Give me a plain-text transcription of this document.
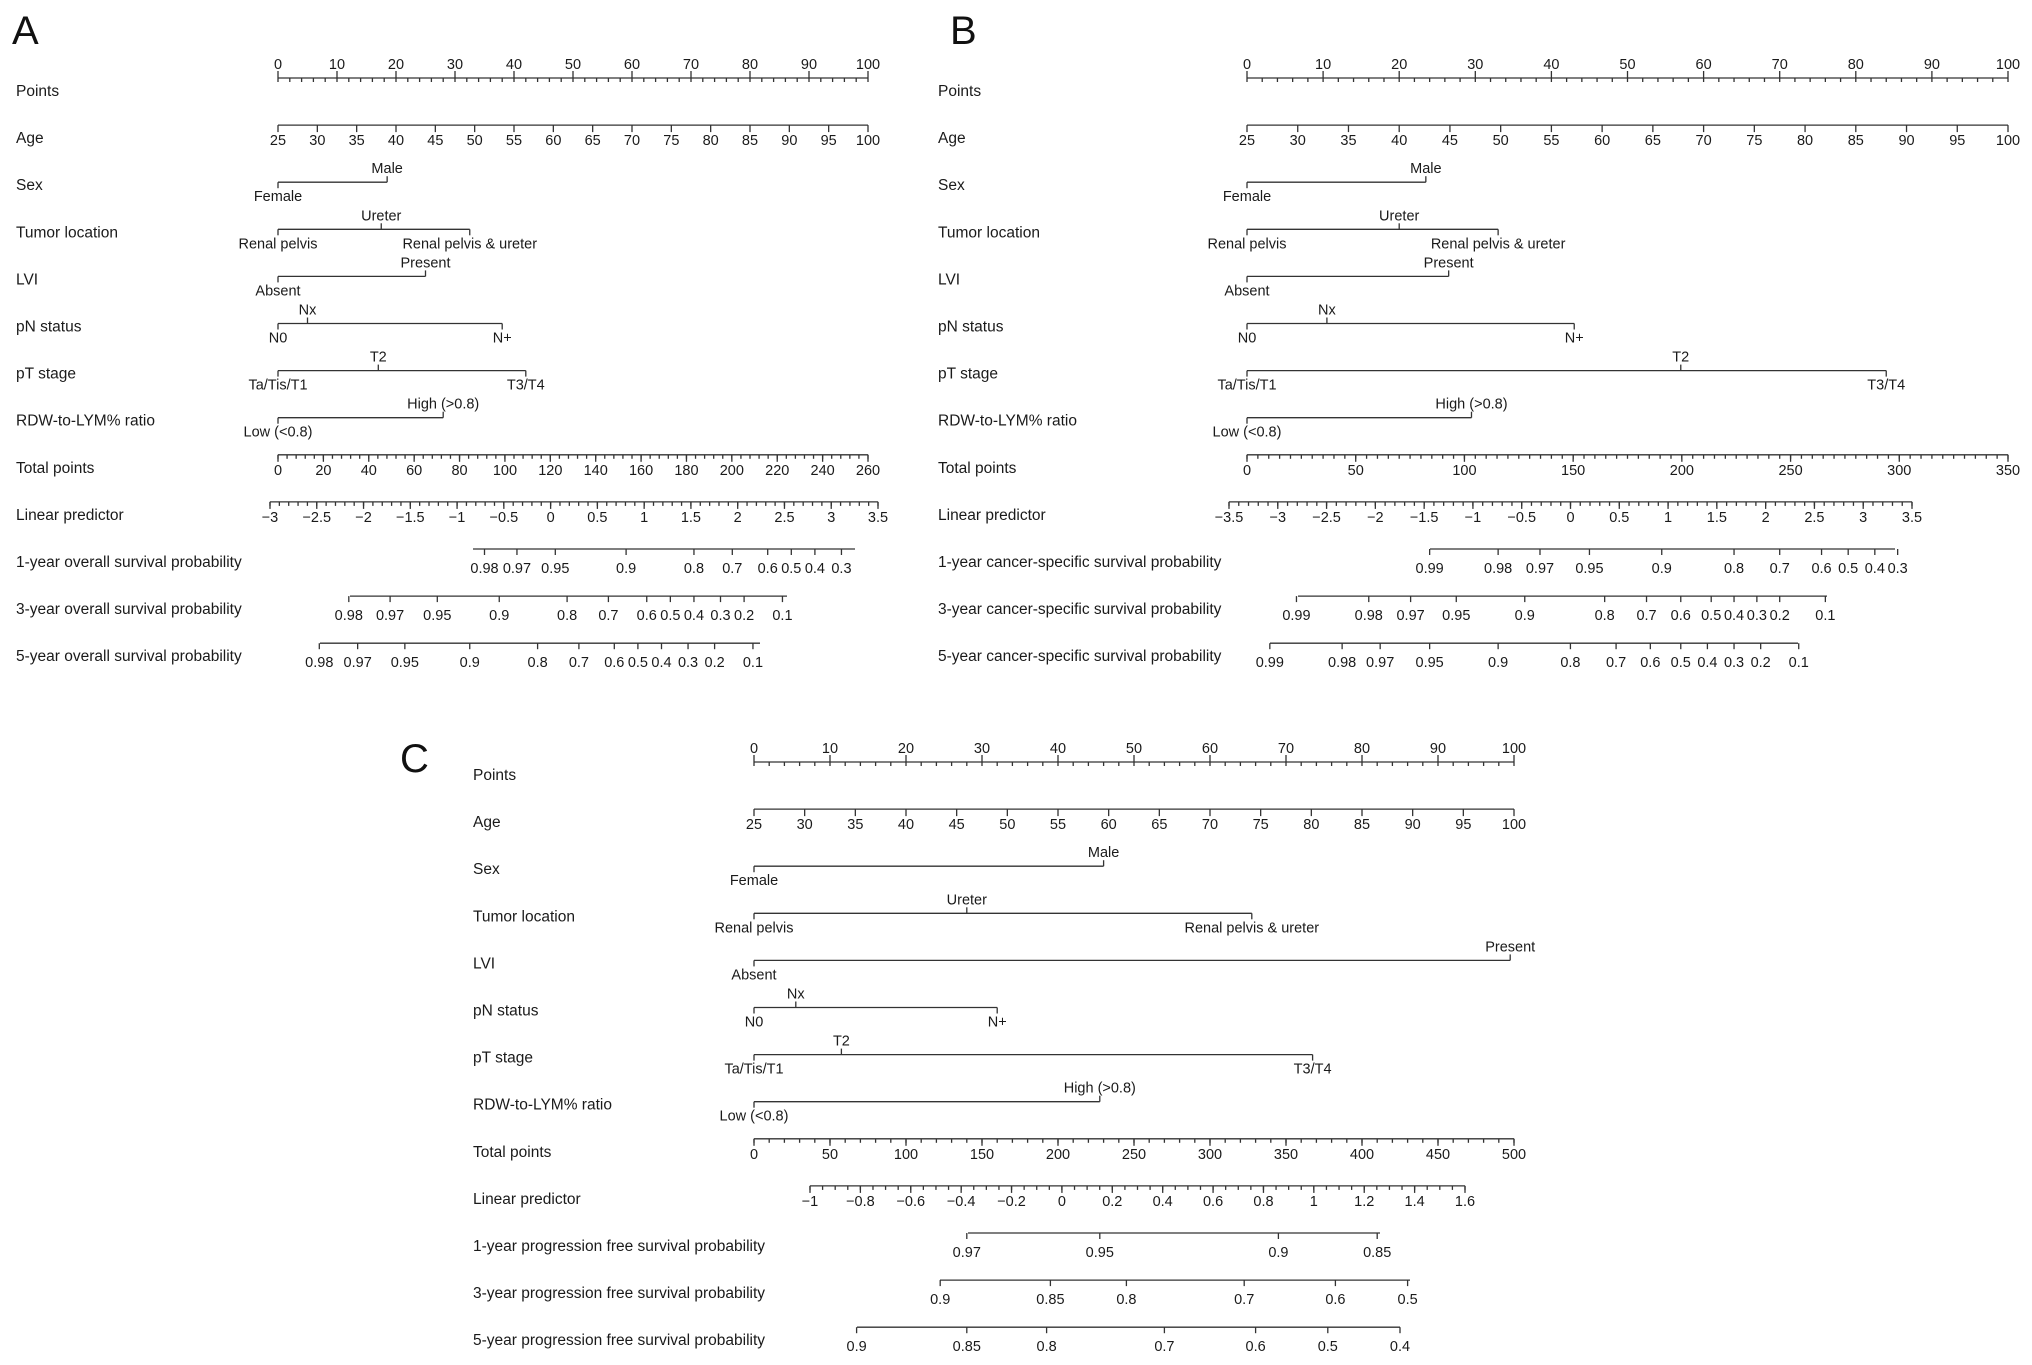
A
Points
0	10	20	30	40	50	60	70	80	90	100
Age	25 30 35 40 45 50 55 60 65 70 75 80 85 90 95 100
Sex
Female
Male
Tumor location
Renal pelvis
Ureter
Renal pelvis & ureter
LVI
Absent
Present
pN status
N0
Nx
N+
pT stage
Ta/Tis/T1
T2
T3/T4
RDW-to-LYM% ratio
Low (<0.8)
High (>0.8)
Total points	0 20 40 60 80 100 120 140 160 180 200 220 240 260
Linear predictor	−3 −2.5 −2 −1.5 −1 −0.5 0 0.5 1 1.5 2 2.5 3 3.5
1-year overall survival probability	0.98 0.97 0.95	0.9	0.8 0.7 0.6 0.5 0.4 0.3
3-year overall survival probability	0.98 0.97 0.95	0.9	0.8 0.7 0.6 0.5 0.4 0.3 0.2 0.1
5-year overall survival probability	0.98 0.97 0.95	0.9	0.8 0.7 0.6 0.5 0.4 0.3 0.2 0.1
B
Points
0	10	20	30	40	50	60	70	80	90	100
Age	25 30 35 40 45 50 55 60 65 70 75 80 85 90 95 100
Sex
Female
Male
Tumor location
Renal pelvis
Ureter
Renal pelvis & ureter
LVI
Absent
Present
pN status
N0
Nx
N+
pT stage
Ta/Tis/T1
T2
T3/T4
RDW-to-LYM% ratio
Low (<0.8)
High (>0.8)
Total points	0	50	100	150	200	250	300	350
Linear predictor	−3.5 −3 −2.5 −2 −1.5 −1 −0.5 0 0.5 1 1.5 2 2.5 3 3.5
1-year cancer-specific survival probability	0.99	0.98 0.97 0.95	0.9	0.8 0.7 0.6 0.5 0.4 0.3
3-year cancer-specific survival probability	0.99	0.98 0.97 0.95	0.9	0.8 0.7 0.6 0.5 0.4 0.3 0.2 0.1
5-year cancer-specific survival probability 0.99	0.98 0.97 0.95	0.9	0.8 0.7 0.6 0.5 0.4 0.3 0.2 0.1
C	Points
0	10	20	30	40	50	60	70	80	90	100
Age	25 30 35 40 45 50 55 60 65 70 75 80 85 90 95 100
Sex
Female
Male
Tumor location
Renal pelvis
Ureter
Renal pelvis & ureter
LVI
Absent
Present
pN status
N0
Nx
N+
pT stage
Ta/Tis/T1
T2
T3/T4
RDW-to-LYM% ratio
Low (<0.8)
High (>0.8)
Total points	0	50	100	150	200	250	300	350	400	450	500
Linear predictor	−1 −0.8 −0.6 −0.4 −0.2 0	0.2 0.4 0.6 0.8	1	1.2 1.4 1.6
1-year progression free survival probability	0.97	0.95	0.9	0.85
3-year progression free survival probability	0.9	0.85	0.8	0.7	0.6	0.5
5-year progression free survival probability	0.9	0.85	0.8	0.7	0.6	0.5	0.4
